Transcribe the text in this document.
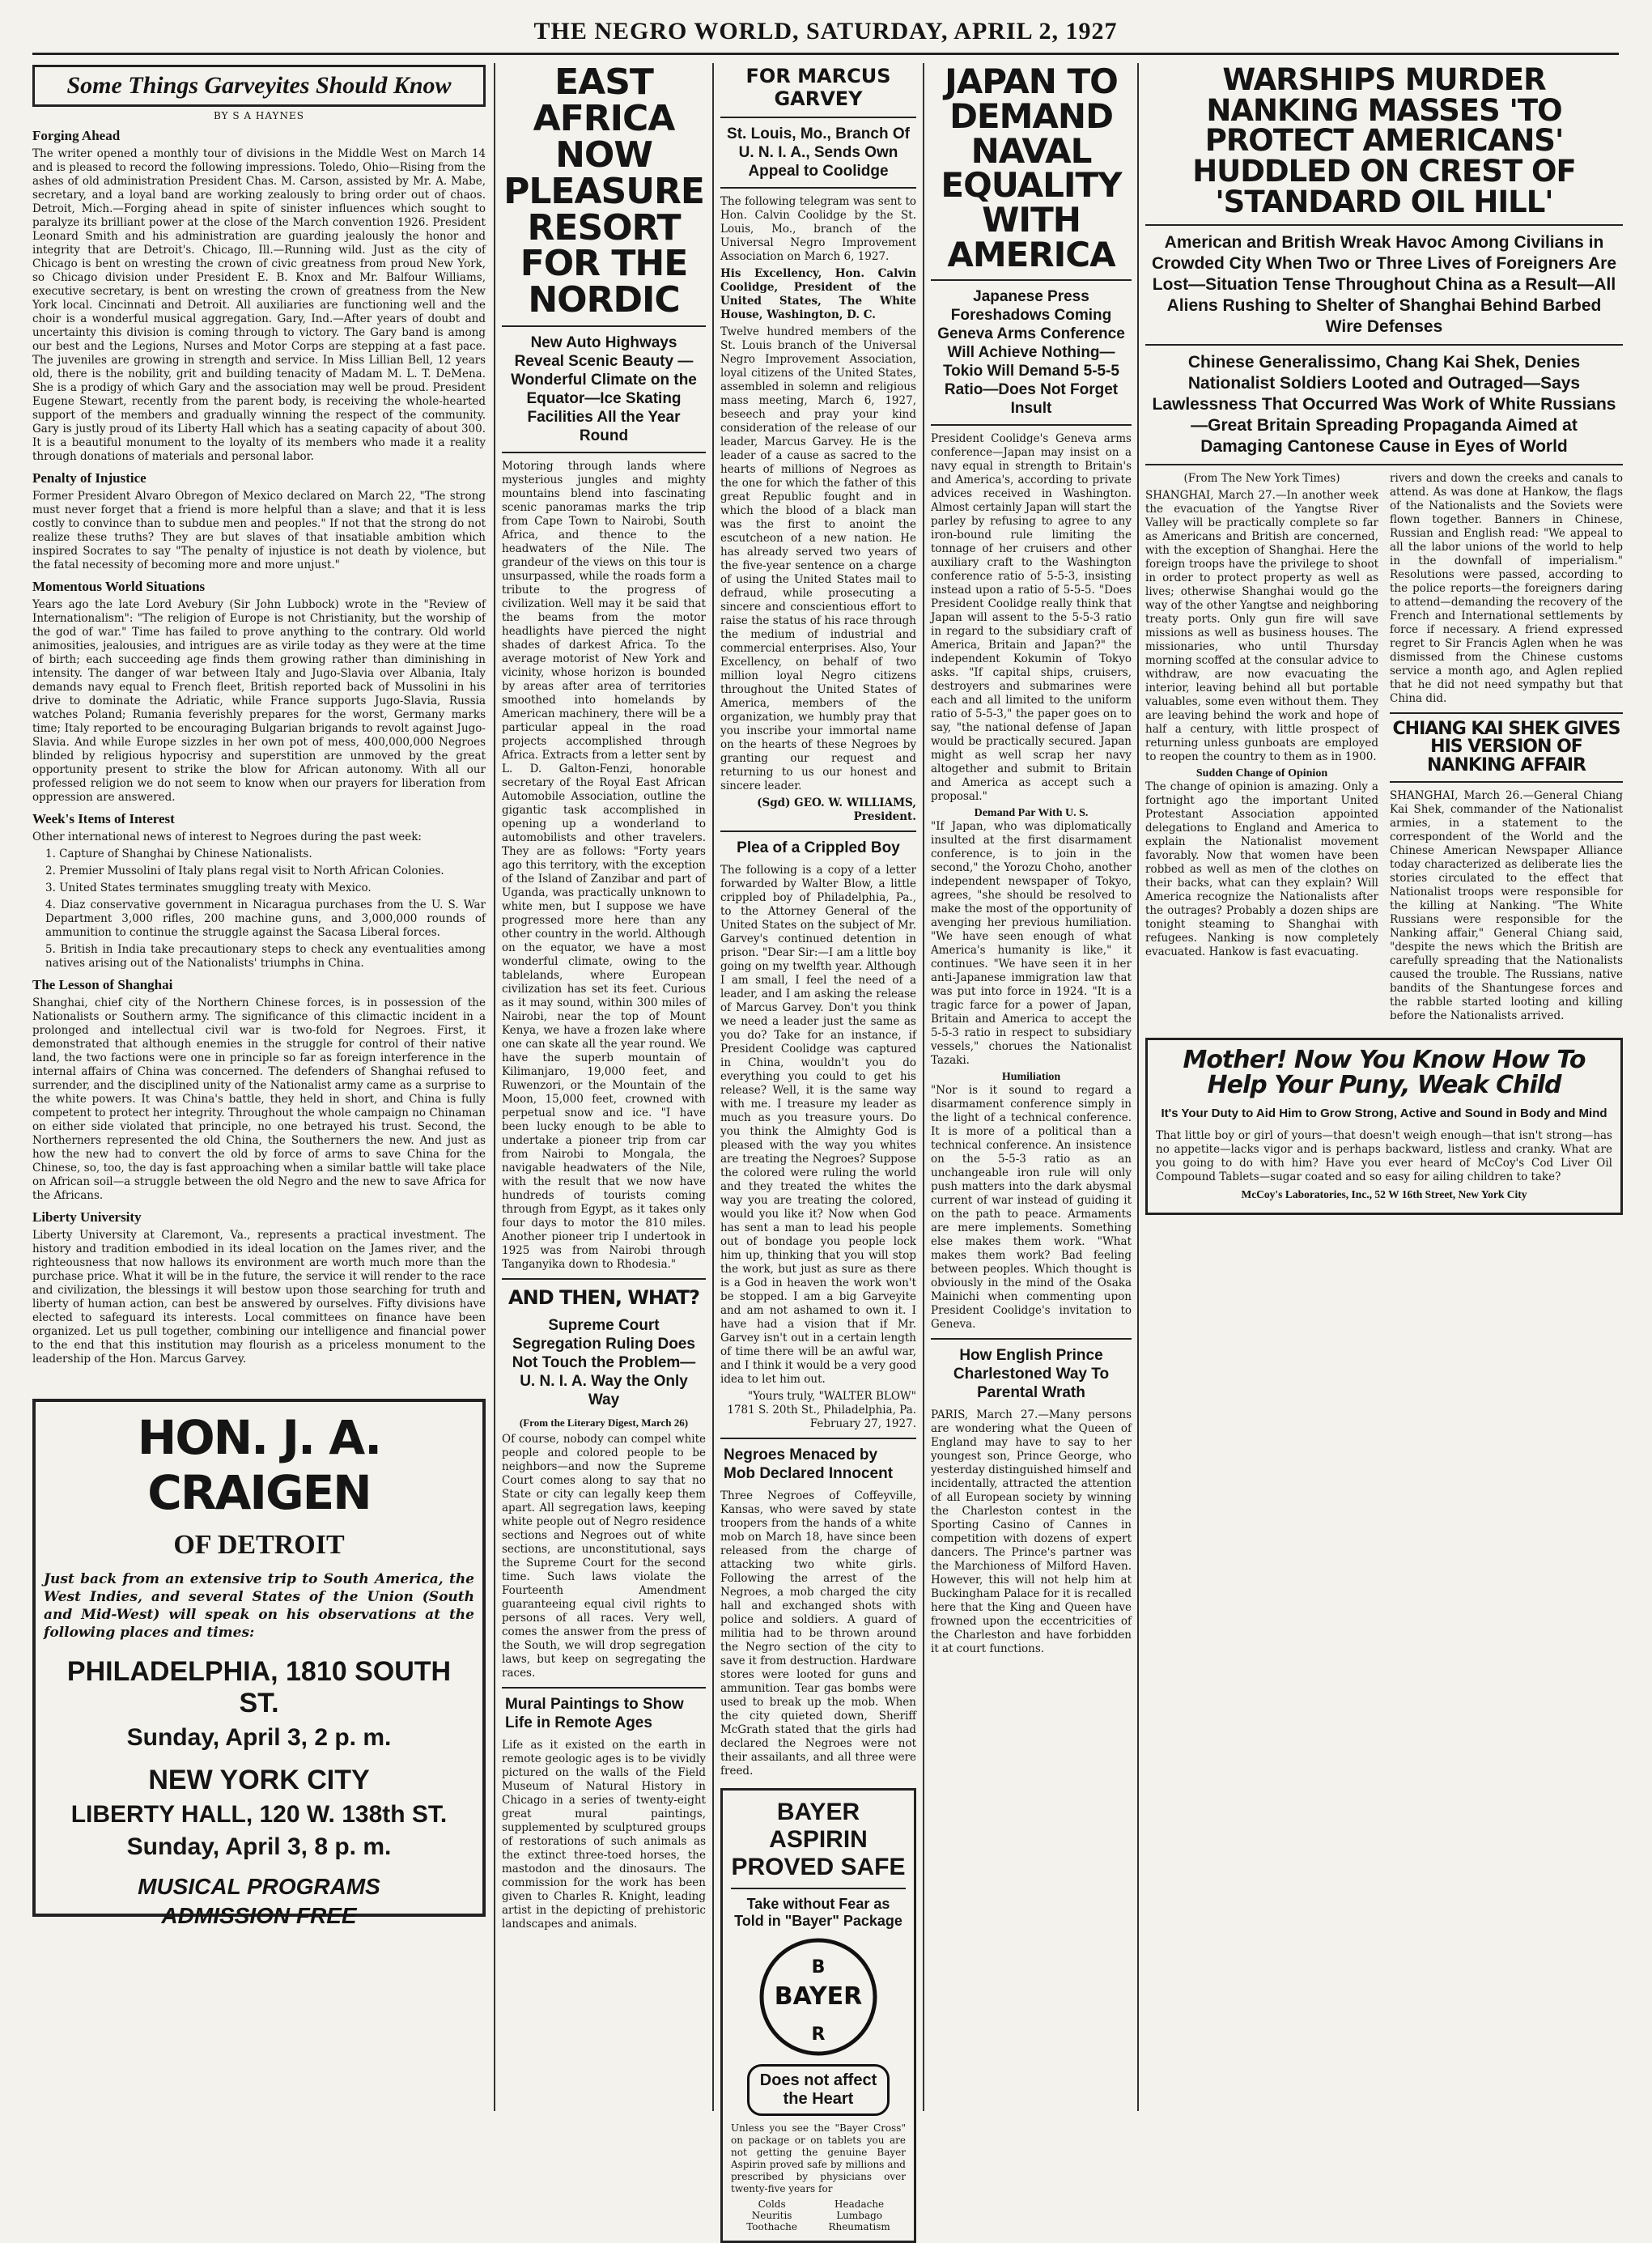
THE NEGRO WORLD, SATURDAY, APRIL 2, 1927
Some Things Garveyites Should Know
BY S A HAYNES
Forging Ahead

The writer opened a monthly tour of divisions in the Middle West on March 14 and is pleased to record the following impressions. Toledo, Ohio—Rising from the ashes of old administration President Chas. M. Carson, assisted by Mr. A. Mabe, secretary, and a loyal band are working zealously to bring order out of chaos. Detroit, Mich.—Forging ahead in spite of sinister influences which sought to paralyze its brilliant power at the close of the March convention 1926. President Leonard Smith and his administration are guarding jealously the honor and integrity that are Detroit's. Chicago, Ill.—Running wild. Just as the city of Chicago is bent on wresting the crown of civic greatness from proud New York, so Chicago division under President E. B. Knox and Mr. Balfour Williams, executive secretary, is bent on wresting the crown of greatness from the New York local. Cincinnati and Detroit. All auxiliaries are functioning well and the choir is a wonderful musical aggregation. Gary, Ind.—After years of doubt and uncertainty this division is coming through to victory. The Gary band is among our best and the Legions, Nurses and Motor Corps are stepping at a fast pace. The juveniles are growing in strength and service. In Miss Lillian Bell, 12 years old, there is the nobility, grit and building tenacity of Madam M. L. T. DeMena. She is a prodigy of which Gary and the association may well be proud. President Eugene Stewart, recently from the parent body, is receiving the whole-hearted support of the members and gradually winning the respect of the community. Gary is justly proud of its Liberty Hall which has a seating capacity of about 300. It is a beautiful monument to the loyalty of its members who made it a reality through donations of materials and personal labor.

Penalty of Injustice

Former President Alvaro Obregon of Mexico declared on March 22, "The strong must never forget that a friend is more helpful than a slave; and that it is less costly to convince than to subdue men and peoples." If not that the strong do not realize these truths? They are but slaves of that insatiable ambition which inspired Socrates to say "The penalty of injustice is not death by violence, but the fatal necessity of becoming more and more unjust."

Momentous World Situations

Years ago the late Lord Avebury (Sir John Lubbock) wrote in the "Review of Internationalism": "The religion of Europe is not Christianity, but the worship of the god of war." Time has failed to prove anything to the contrary. Old world animosities, jealousies, and intrigues are as virile today as they were at the time of birth; each succeeding age finds them growing rather than diminishing in intensity. The danger of war between Italy and Jugo-Slavia over Albania, Italy demands navy equal to French fleet, British reported back of Mussolini in his drive to dominate the Adriatic, while France supports Jugo-Slavia, Russia watches Poland; Rumania feverishly prepares for the worst, Germany marks time; Italy reported to be encouraging Bulgarian brigands to revolt against Jugo-Slavia. And while Europe sizzles in her own pot of mess, 400,000,000 Negroes blinded by religious hypocrisy and superstition are unmoved by the great opportunity present to strike the blow for African autonomy. With all our professed religion we do not seem to know when our prayers for liberation from oppression are answered.

Week's Items of Interest

Other international news of interest to Negroes during the past week:

1. Capture of Shanghai by Chinese Nationalists.

2. Premier Mussolini of Italy plans regal visit to North African Colonies.

3. United States terminates smuggling treaty with Mexico.

4. Diaz conservative government in Nicaragua purchases from the U. S. War Department 3,000 rifles, 200 machine guns, and 3,000,000 rounds of ammunition to continue the struggle against the Sacasa Liberal forces.

5. British in India take precautionary steps to check any eventualities among natives arising out of the Nationalists' triumphs in China.

The Lesson of Shanghai

Shanghai, chief city of the Northern Chinese forces, is in possession of the Nationalists or Southern army. The significance of this climactic incident in a prolonged and intellectual civil war is two-fold for Negroes. First, it demonstrated that although enemies in the struggle for control of their native land, the two factions were one in principle so far as foreign interference in the internal affairs of China was concerned. The defenders of Shanghai refused to surrender, and the disciplined unity of the Nationalist army came as a surprise to the white powers. It was China's battle, they held in short, and China is fully competent to protect her integrity. Throughout the whole campaign no Chinaman on either side violated that principle, no one betrayed his trust. Second, the Northerners represented the old China, the Southerners the new. And just as how the new had to convert the old by force of arms to save China for the Chinese, so, too, the day is fast approaching when a similar battle will take place on African soil—a struggle between the old Negro and the new to save Africa for the Africans.

Liberty University

Liberty University at Claremont, Va., represents a practical investment. The history and tradition embodied in its ideal location on the James river, and the righteousness that now hallows its environment are worth much more than the purchase price. What it will be in the future, the service it will render to the race and civilization, the blessings it will bestow upon those searching for truth and liberty of human action, can best be answered by ourselves. Fifty divisions have elected to safeguard its interests. Local committees on finance have been organized. Let us pull together, combining our intelligence and financial power to the end that this institution may flourish as a priceless monument to the leadership of the Hon. Marcus Garvey.

HON. J. A. CRAIGEN
OF DETROIT

Just back from an extensive trip to South America, the West Indies, and several States of the Union (South and Mid-West) will speak on his observations at the following places and times:

PHILADELPHIA, 1810 SOUTH ST.
Sunday, April 3, 2 p. m.
NEW YORK CITY
LIBERTY HALL, 120 W. 138th ST.
Sunday, April 3, 8 p. m.
MUSICAL PROGRAMS
ADMISSION FREE
EAST AFRICA NOW PLEASURE RESORT FOR THE NORDIC
New Auto Highways Reveal Scenic Beauty — Wonderful Climate on the Equator—Ice Skating Facilities All the Year Round

Motoring through lands where mysterious jungles and mighty mountains blend into fascinating scenic panoramas marks the trip from Cape Town to Nairobi, South Africa, and thence to the headwaters of the Nile. The grandeur of the views on this tour is unsurpassed, while the roads form a tribute to the progress of civilization. Well may it be said that the beams from the motor headlights have pierced the night shades of darkest Africa. To the average motorist of New York and vicinity, whose horizon is bounded by areas after area of territories smoothed into homelands by American machinery, there will be a particular appeal in the road projects accomplished through Africa. Extracts from a letter sent by L. D. Galton-Fenzi, honorable secretary of the Royal East African Automobile Association, outline the gigantic task accomplished in opening up a wonderland to automobilists and other travelers. They are as follows: "Forty years ago this territory, with the exception of the Island of Zanzibar and part of Uganda, was practically unknown to white men, but I suppose we have progressed more here than any other country in the world. Although on the equator, we have a most wonderful climate, owing to the tablelands, where European civilization has set its feet. Curious as it may sound, within 300 miles of Nairobi, near the top of Mount Kenya, we have a frozen lake where one can skate all the year round. We have the superb mountain of Kilimanjaro, 19,000 feet, and Ruwenzori, or the Mountain of the Moon, 15,000 feet, crowned with perpetual snow and ice. "I have been lucky enough to be able to undertake a pioneer trip from car from Nairobi to Mongala, the navigable headwaters of the Nile, with the result that we now have hundreds of tourists coming through from Egypt, as it takes only four days to motor the 810 miles. Another pioneer trip I undertook in 1925 was from Nairobi through Tanganyika down to Rhodesia."

AND THEN, WHAT?
Supreme Court Segregation Ruling Does Not Touch the Problem—U. N. I. A. Way the Only Way

(From the Literary Digest, March 26)

Of course, nobody can compel white people and colored people to be neighbors—and now the Supreme Court comes along to say that no State or city can legally keep them apart. All segregation laws, keeping white people out of Negro residence sections and Negroes out of white sections, are unconstitutional, says the Supreme Court for the second time. Such laws violate the Fourteenth Amendment guaranteeing equal civil rights to persons of all races. Very well, comes the answer from the press of the South, we will drop segregation laws, but keep on segregating the races.

Mural Paintings to Show Life in Remote Ages

Life as it existed on the earth in remote geologic ages is to be vividly pictured on the walls of the Field Museum of Natural History in Chicago in a series of twenty-eight great mural paintings, supplemented by sculptured groups of restorations of such animals as the extinct three-toed horses, the mastodon and the dinosaurs. The commission for the work has been given to Charles R. Knight, leading artist in the depicting of prehistoric landscapes and animals.

FOR MARCUS GARVEY
St. Louis, Mo., Branch Of U. N. I. A., Sends Own Appeal to Coolidge

The following telegram was sent to Hon. Calvin Coolidge by the St. Louis, Mo., branch of the Universal Negro Improvement Association on March 6, 1927.

His Excellency, Hon. Calvin Coolidge, President of the United States, The White House, Washington, D. C.

Twelve hundred members of the St. Louis branch of the Universal Negro Improvement Association, loyal citizens of the United States, assembled in solemn and religious mass meeting, March 6, 1927, beseech and pray your kind consideration of the release of our leader, Marcus Garvey. He is the leader of a cause as sacred to the hearts of millions of Negroes as the one for which the father of this great Republic fought and in which the blood of a black man was the first to anoint the escutcheon of a new nation. He has already served two years of the five-year sentence on a charge of using the United States mail to defraud, while prosecuting a sincere and conscientious effort to raise the status of his race through the medium of industrial and commercial enterprises. Also, Your Excellency, on behalf of two million loyal Negro citizens throughout the United States of America, members of the organization, we humbly pray that you inscribe your immortal name on the hearts of these Negroes by granting our request and returning to us our honest and sincere leader.

(Sgd) GEO. W. WILLIAMS, President.

Plea of a Crippled Boy

The following is a copy of a letter forwarded by Walter Blow, a little crippled boy of Philadelphia, Pa., to the Attorney General of the United States on the subject of Mr. Garvey's continued detention in prison. "Dear Sir:—I am a little boy going on my twelfth year. Although I am small, I feel the need of a leader, and I am asking the release of Marcus Garvey. Don't you think we need a leader just the same as you do? Take for an instance, if President Coolidge was captured in China, wouldn't you do everything you could to get his release? Well, it is the same way with me. I treasure my leader as much as you treasure yours. Do you think the Almighty God is pleased with the way you whites are treating the Negroes? Suppose the colored were ruling the world and they treated the whites the way you are treating the colored, would you like it? Now when God has sent a man to lead his people out of bondage you people lock him up, thinking that you will stop the work, but just as sure as there is a God in heaven the work won't be stopped. I am a big Garveyite and am not ashamed to own it. I have had a vision that if Mr. Garvey isn't out in a certain length of time there will be an awful war, and I think it would be a very good idea to let him out.

"Yours truly, "WALTER BLOW" 1781 S. 20th St., Philadelphia, Pa. February 27, 1927.

Negroes Menaced by Mob Declared Innocent

Three Negroes of Coffeyville, Kansas, who were saved by state troopers from the hands of a white mob on March 18, have since been released from the charge of attacking two white girls. Following the arrest of the Negroes, a mob charged the city hall and exchanged shots with police and soldiers. A guard of militia had to be thrown around the Negro section of the city to save it from destruction. Hardware stores were looted for guns and ammunition. Tear gas bombs were used to break up the mob. When the city quieted down, Sheriff McGrath stated that the girls had declared the Negroes were not their assailants, and all three were freed.

BAYER ASPIRIN
PROVED SAFE
Take without Fear as Told in "Bayer" Package
BAYER
B
R
Does not affect
the Heart

Unless you see the "Bayer Cross" on package or on tablets you are not getting the genuine Bayer Aspirin proved safe by millions and prescribed by physicians over twenty-five years for

Colds
Neuritis
Toothache
Headache
Lumbago
Rheumatism
JAPAN TO DEMAND NAVAL EQUALITY WITH AMERICA
Japanese Press Foreshadows Coming Geneva Arms Conference Will Achieve Nothing—Tokio Will Demand 5-5-5 Ratio—Does Not Forget Insult

President Coolidge's Geneva arms conference—Japan may insist on a navy equal in strength to Britain's and America's, according to private advices received in Washington. Almost certainly Japan will start the parley by refusing to agree to any iron-bound rule limiting the tonnage of her cruisers and other auxiliary craft to the Washington conference ratio of 5-5-3, insisting instead upon a ratio of 5-5-5. "Does President Coolidge really think that Japan will assent to the 5-5-3 ratio in regard to the subsidiary craft of America, Britain and Japan?" the independent Kokumin of Tokyo asks. "If capital ships, cruisers, destroyers and submarines were each and all limited to the uniform ratio of 5-5-3," the paper goes on to say, "the national defense of Japan would be practically secured. Japan might as well scrap her navy altogether and submit to Britain and America as accept such a proposal."

Demand Par With U. S.

"If Japan, who was diplomatically insulted at the first disarmament conference, is to join in the second," the Yorozu Choho, another independent newspaper of Tokyo, agrees, "she should be resolved to make the most of the opportunity of avenging her previous humiliation. "We have seen enough of what America's humanity is like," it continues. "We have seen it in her anti-Japanese immigration law that was put into force in 1924. "It is a tragic farce for a power of Japan, Britain and America to accept the 5-5-3 ratio in respect to subsidiary vessels," chorues the Nationalist Tazaki.

Humiliation

"Nor is it sound to regard a disarmament conference simply in the light of a technical conference. It is more of a political than a technical conference. An insistence on the 5-5-3 ratio as an unchangeable iron rule will only push matters into the dark abysmal current of war instead of guiding it on the path to peace. Armaments are mere implements. Something else makes them work. "What makes them work? Bad feeling between peoples. Which thought is obviously in the mind of the Osaka Mainichi when commenting upon President Coolidge's invitation to Geneva.

How English Prince Charlestoned Way To Parental Wrath

PARIS, March 27.—Many persons are wondering what the Queen of England may have to say to her youngest son, Prince George, who yesterday distinguished himself and incidentally, attracted the attention of all European society by winning the Charleston contest in the Sporting Casino of Cannes in competition with dozens of expert dancers. The Prince's partner was the Marchioness of Milford Haven. However, this will not help him at Buckingham Palace for it is recalled here that the King and Queen have frowned upon the eccentricities of the Charleston and have forbidden it at court functions.

WARSHIPS MURDER NANKING MASSES 'TO PROTECT AMERICANS' HUDDLED ON CREST OF 'STANDARD OIL HILL'
American and British Wreak Havoc Among Civilians in Crowded City When Two or Three Lives of Foreigners Are Lost—Situation Tense Throughout China as a Result—All Aliens Rushing to Shelter of Shanghai Behind Barbed Wire Defenses
Chinese Generalissimo, Chang Kai Shek, Denies Nationalist Soldiers Looted and Outraged—Says Lawlessness That Occurred Was Work of White Russians—Great Britain Spreading Propaganda Aimed at Damaging Cantonese Cause in Eyes of World

(From The New York Times)

SHANGHAI, March 27.—In another week the evacuation of the Yangtse River Valley will be practically complete so far as Americans and British are concerned, with the exception of Shanghai. Here the foreign troops have the privilege to shoot in order to protect property as well as lives; otherwise Shanghai would go the way of the other Yangtse and neighboring treaty ports. Only gun fire will save missions as well as business houses. The missionaries, who until Thursday morning scoffed at the consular advice to withdraw, are now evacuating the interior, leaving behind all but portable valuables, some even without them. They are leaving behind the work and hope of half a century, with little prospect of returning unless gunboats are employed to reopen the country to them as in 1900.

Sudden Change of Opinion

The change of opinion is amazing. Only a fortnight ago the important United Protestant Association appointed delegations to England and America to explain the Nationalist movement favorably. Now that women have been robbed as well as men of the clothes on their backs, what can they explain? Will America recognize the Nationalists after the outrages? Probably a dozen ships are tonight steaming to Shanghai with refugees. Nanking is now completely evacuated. Hankow is fast evacuating.

rivers and down the creeks and canals to attend. As was done at Hankow, the flags of the Nationalists and the Soviets were flown together. Banners in Chinese, Russian and English read: "We appeal to all the labor unions of the world to help in the downfall of imperialism." Resolutions were passed, according to the police reports—the foreigners daring to attend—demanding the recovery of the French and International settlements by force if necessary. A friend expressed regret to Sir Francis Aglen when he was dismissed from the Chinese customs service a month ago, and Aglen replied that he did not need sympathy but that China did.

CHIANG KAI SHEK GIVES HIS VERSION OF NANKING AFFAIR

SHANGHAI, March 26.—General Chiang Kai Shek, commander of the Nationalist armies, in a statement to the correspondent of the World and the Chinese American Newspaper Alliance today characterized as deliberate lies the stories circulated to the effect that Nationalist troops were responsible for the killing at Nanking. "The White Russians were responsible for the Nanking affair," General Chiang said, "despite the news which the British are carefully spreading that the Nationalists caused the trouble. The Russians, native bandits of the Shantungese forces and the rabble started looting and killing before the Nationalists arrived.

Mother! Now You Know How To Help Your Puny, Weak Child
It's Your Duty to Aid Him to Grow Strong, Active and Sound in Body and Mind

That little boy or girl of yours—that doesn't weigh enough—that isn't strong—has no appetite—lacks vigor and is perhaps backward, listless and cranky. What are you going to do with him? Have you ever heard of McCoy's Cod Liver Oil Compound Tablets—sugar coated and so easy for ailing children to take?

McCoy's Laboratories, Inc., 52 W 16th Street, New York City
